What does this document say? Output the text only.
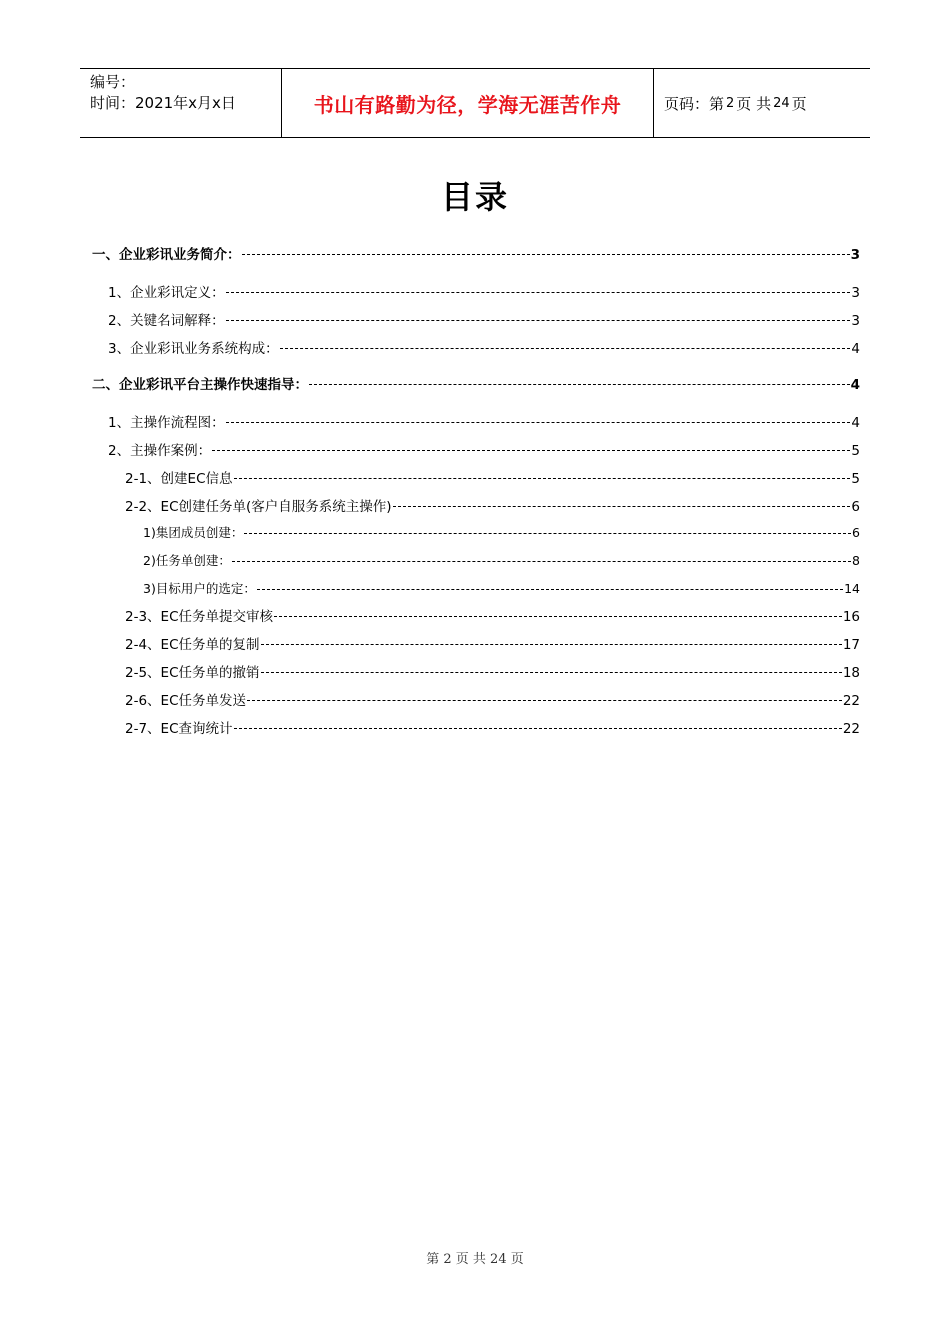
编号：
时间：2021年x月x日	书山有路勤为径，学海无涯苦作舟	页码：第 2 页 共 24 页
目录
一、企业彩讯业务简介：	3
1、企业彩讯定义：	3
2、关键名词解释：	3
3、企业彩讯业务系统构成：	4
二、企业彩讯平台主操作快速指导：	4
1、主操作流程图：	4
2、主操作案例：	5
2-1、创建EC信息	5
2-2、EC创建任务单(客户自服务系统主操作)	6
1)集团成员创建：	6
2)任务单创建：	8
3)目标用户的选定：	14
2-3、EC任务单提交审核	16
2-4、EC任务单的复制	17
2-5、EC任务单的撤销	18
2-6、EC任务单发送	22
2-7、EC查询统计	22
第 2 页 共 24 页
